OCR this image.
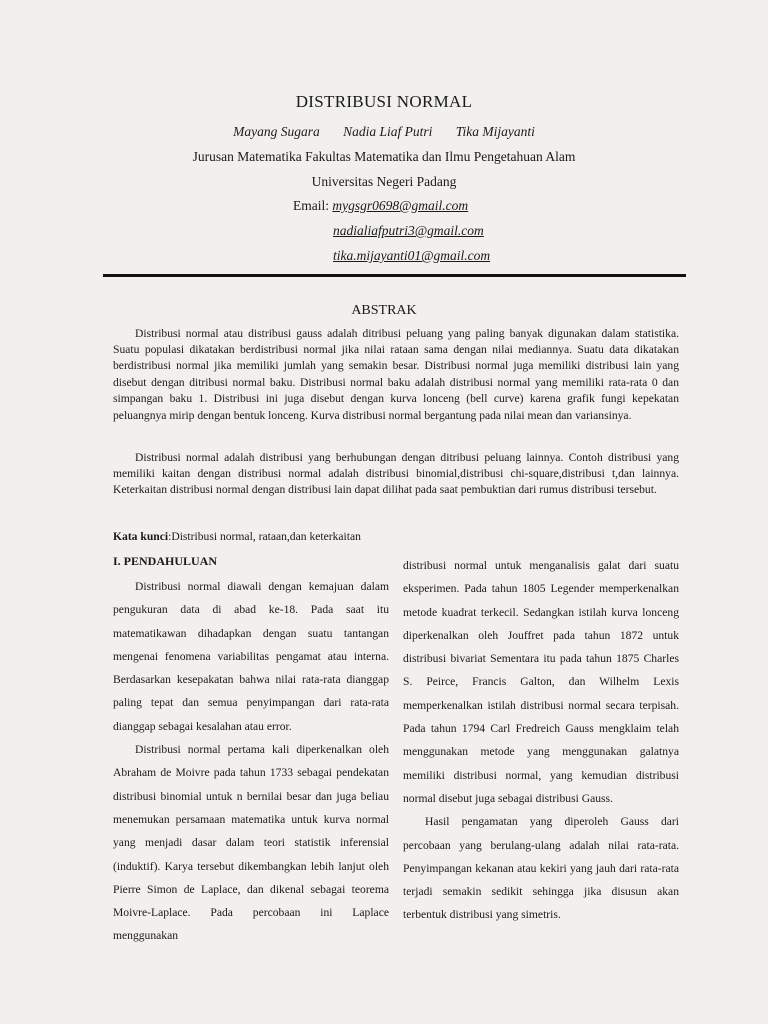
DISTRIBUSI NORMAL
Mayang Sugara Nadia Liaf Putri Tika Mijayanti
Jurusan Matematika Fakultas Matematika dan Ilmu Pengetahuan Alam
Universitas Negeri Padang
Email: mygsgr0698@gmail.com
nadialiafputri3@gmail.com
tika.mijayanti01@gmail.com
ABSTRAK

Distribusi normal atau distribusi gauss adalah ditribusi peluang yang paling banyak digunakan dalam statistika. Suatu populasi dikatakan berdistribusi normal jika nilai rataan sama dengan nilai mediannya. Suatu data dikatakan berdistribusi normal jika memiliki jumlah yang semakin besar. Distribusi normal juga memiliki distribusi lain yang disebut dengan ditribusi normal baku. Distribusi normal baku adalah distribusi normal yang memiliki rata-rata 0 dan simpangan baku 1. Distribusi ini juga disebut dengan kurva lonceng (bell curve) karena grafik fungi kepekatan peluangnya mirip dengan bentuk lonceng. Kurva distribusi normal bergantung pada nilai mean dan variansinya.

Distribusi normal adalah distribusi yang berhubungan dengan ditribusi peluang lainnya. Contoh distribusi yang memiliki kaitan dengan distribusi normal adalah distribusi binomial,distribusi chi-square,distribusi t,dan lainnya. Keterkaitan distribusi normal dengan distribusi lain dapat dilihat pada saat pembuktian dari rumus distribusi tersebut.

Kata kunci:Distribusi normal, rataan,dan keterkaitan
I. PENDAHULUAN

Distribusi normal diawali dengan kemajuan dalam pengukuran data di abad ke-18. Pada saat itu matematikawan dihadapkan dengan suatu tantangan mengenai fenomena variabilitas pengamat atau interna. Berdasarkan kesepakatan bahwa nilai rata-rata dianggap paling tepat dan semua penyimpangan dari rata-rata dianggap sebagai kesalahan atau error.

Distribusi normal pertama kali diperkenalkan oleh Abraham de Moivre pada tahun 1733 sebagai pendekatan distribusi binomial untuk n bernilai besar dan juga beliau menemukan persamaan matematika untuk kurva normal yang menjadi dasar dalam teori statistik inferensial (induktif). Karya tersebut dikembangkan lebih lanjut oleh Pierre Simon de Laplace, dan dikenal sebagai teorema Moivre-Laplace. Pada percobaan ini Laplace menggunakan

distribusi normal untuk menganalisis galat dari suatu eksperimen. Pada tahun 1805 Legender memperkenalkan metode kuadrat terkecil. Sedangkan istilah kurva lonceng diperkenalkan oleh Jouffret pada tahun 1872 untuk distribusi bivariat Sementara itu pada tahun 1875 Charles S. Peirce, Francis Galton, dan Wilhelm Lexis memperkenalkan istilah distribusi normal secara terpisah. Pada tahun 1794 Carl Fredreich Gauss mengklaim telah menggunakan metode yang menggunakan galatnya memiliki distribusi normal, yang kemudian distribusi normal disebut juga sebagai distribusi Gauss.

Hasil pengamatan yang diperoleh Gauss dari percobaan yang berulang-ulang adalah nilai rata-rata. Penyimpangan kekanan atau kekiri yang jauh dari rata-rata terjadi semakin sedikit sehingga jika disusun akan terbentuk distribusi yang simetris.
